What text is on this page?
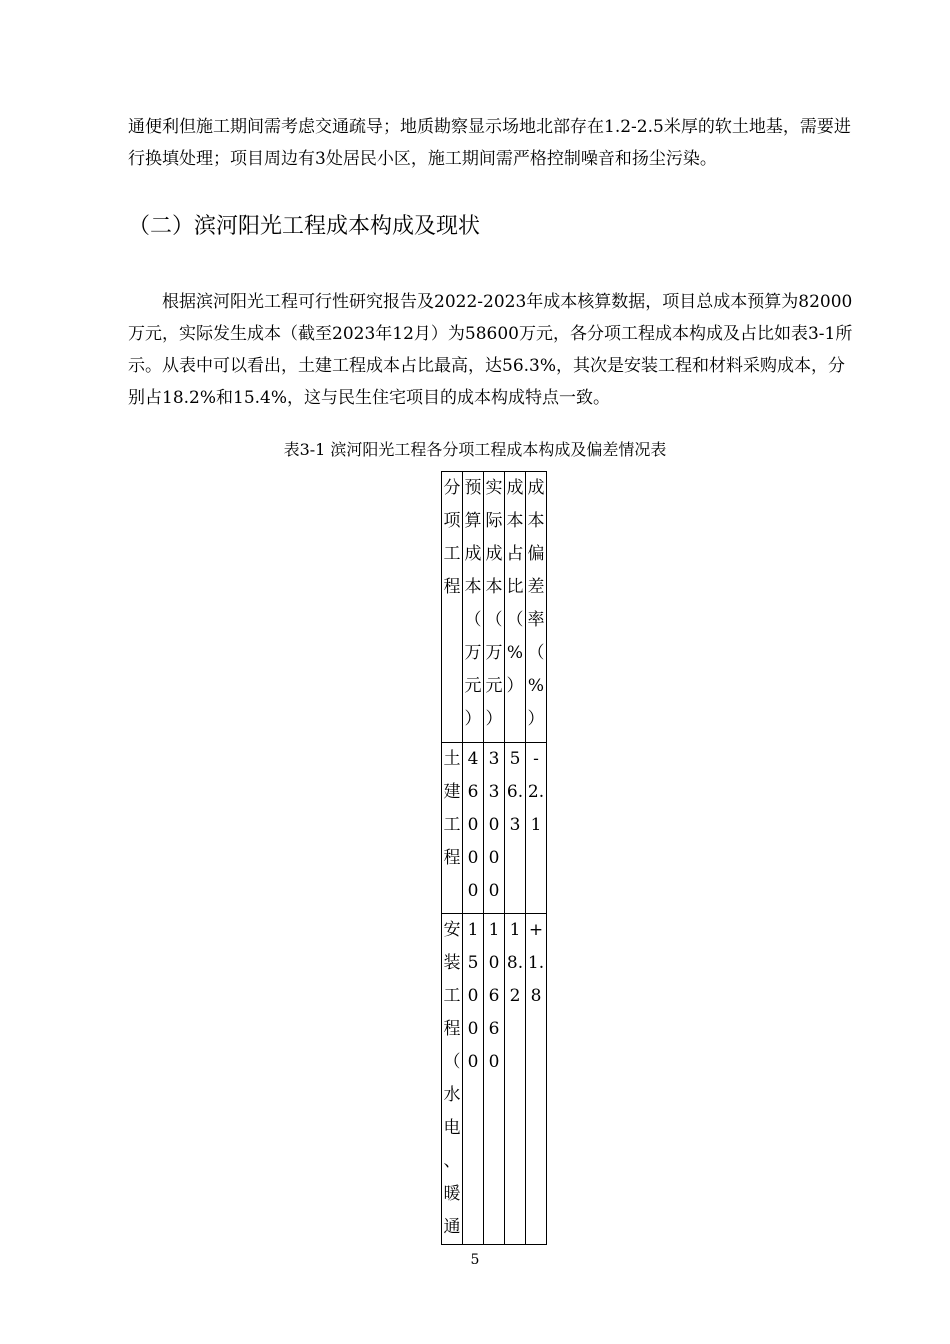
通便利但施工期间需考虑交通疏导；地质勘察显示场地北部存在1.2-2.5米厚的软土地基，需要进行换填处理；项目周边有3处居民小区，施工期间需严格控制噪音和扬尘污染。

（二）滨河阳光工程成本构成及现状

根据滨河阳光工程可行性研究报告及2022-2023年成本核算数据，项目总成本预算为82000万元，实际发生成本（截至2023年12月）为58600万元，各分项工程成本构成及占比如表3-1所示。从表中可以看出，土建工程成本占比最高，达56.3%，其次是安装工程和材料采购成本，分别占18.2%和15.4%，这与民生住宅项目的成本构成特点一致。

表3-1 滨河阳光工程各分项工程成本构成及偏差情况表

分项工程	预算成本（万元）	实际成本（万元）	成本占比（%）	成本偏差率（%）
土建工程	46000	33000	56.3	-2.1
安装工程（水电、暖通	15000	10660	18.2	+1.8

5
